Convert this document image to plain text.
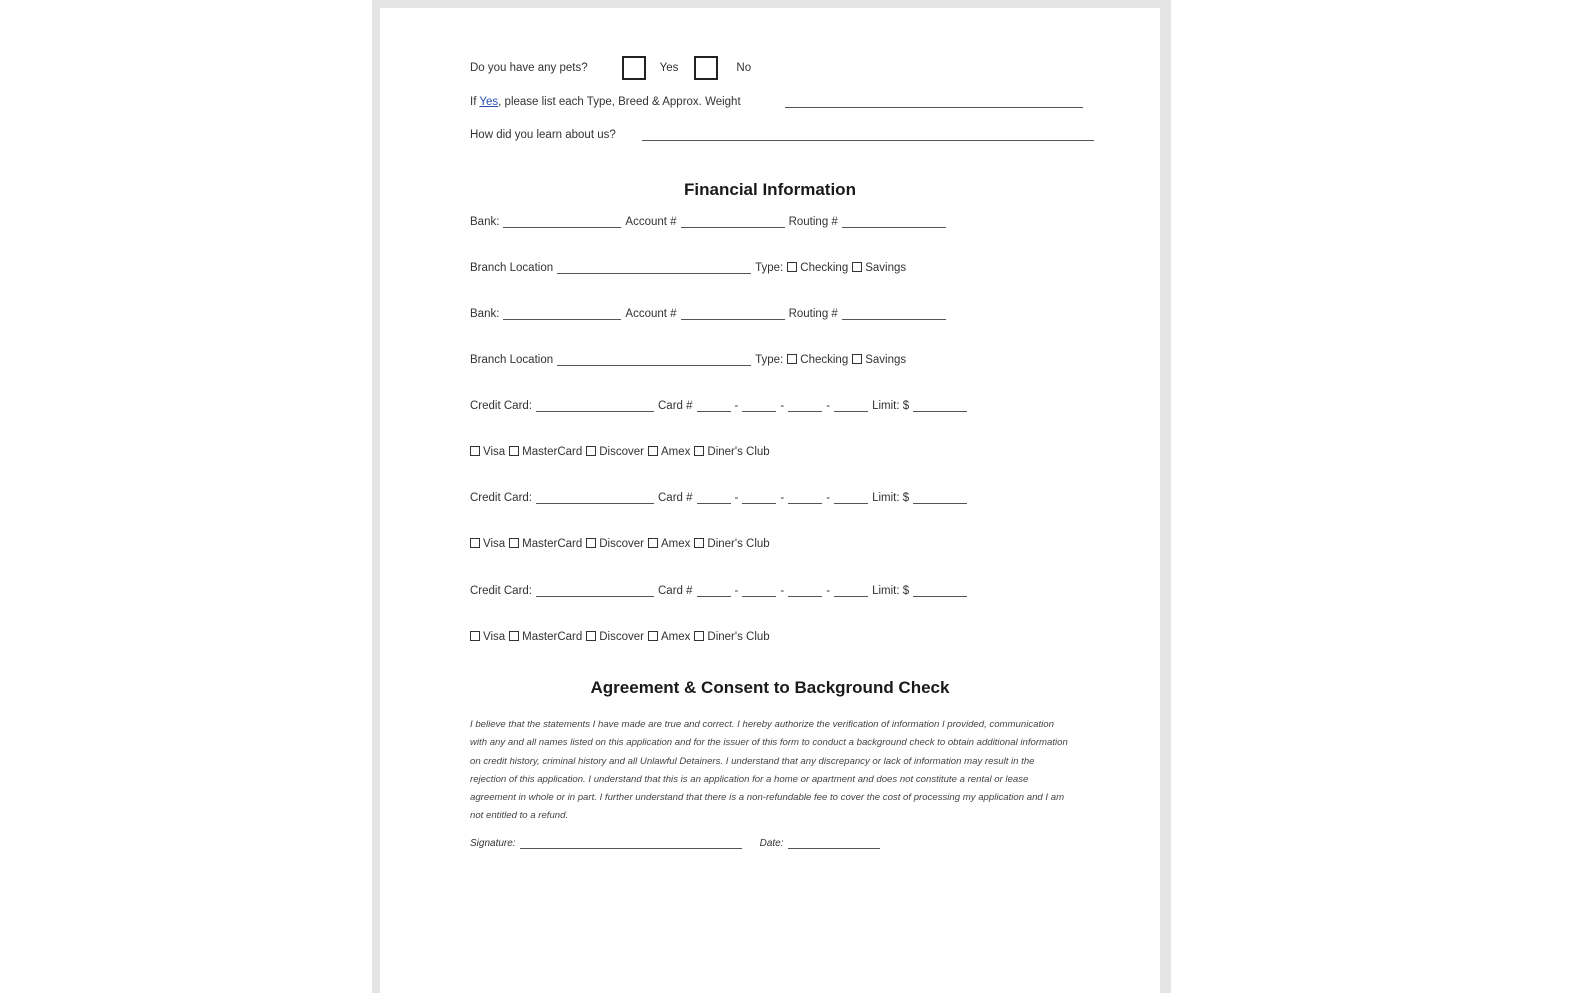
Do you have any pets?	Yes	No
If Yes, please list each Type, Breed & Approx. Weight
How did you learn about us?
Financial Information
Bank:	Account #	Routing #
Branch Location	Type: Checking Savings
Bank:	Account #	Routing #
Branch Location	Type: Checking Savings
Credit Card:	Card #	-	-	-	Limit: $
Visa MasterCard Discover Amex Diner's Club
Credit Card:	Card #	-	-	-	Limit: $
Visa MasterCard Discover Amex Diner's Club
Credit Card:	Card #	-	-	-	Limit: $
Visa MasterCard Discover Amex Diner's Club
Agreement & Consent to Background Check
I believe that the statements I have made are true and correct. I hereby authorize the verification of information I provided, communication with any and all names listed on this application and for the issuer of this form to conduct a background check to obtain additional information on credit history, criminal history and all Unlawful Detainers. I understand that any discrepancy or lack of information may result in the rejection of this application. I understand that this is an application for a home or apartment and does not constitute a rental or lease agreement in whole or in part. I further understand that there is a non-refundable fee to cover the cost of processing my application and I am not entitled to a refund.
Signature:	Date:
